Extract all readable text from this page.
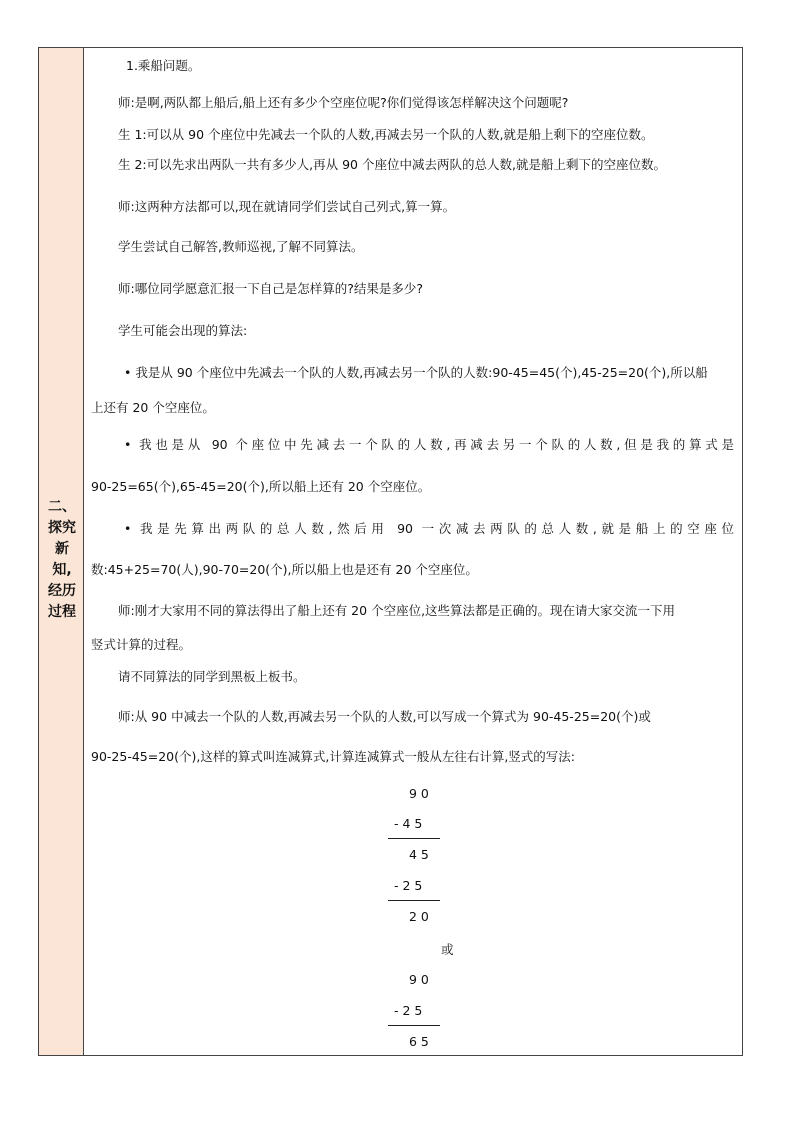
二、
探究
新
知,
经历
过程
1.乘船问题。
师:是啊,两队都上船后,船上还有多少个空座位呢?你们觉得该怎样解决这个问题呢?
生 1:可以从 90 个座位中先减去一个队的人数,再减去另一个队的人数,就是船上剩下的空座位数。
生 2:可以先求出两队一共有多少人,再从 90 个座位中减去两队的总人数,就是船上剩下的空座位数。
师:这两种方法都可以,现在就请同学们尝试自己列式,算一算。
学生尝试自己解答,教师巡视,了解不同算法。
师:哪位同学愿意汇报一下自己是怎样算的?结果是多少?
学生可能会出现的算法:
• 我是从 90 个座位中先减去一个队的人数,再减去另一个队的人数:90-45=45(个),45-25=20(个),所以船
上还有 20 个空座位。
• 我也是从 90 个座位中先减去一个队的人数,再减去另一个队的人数,但是我的算式是
90-25=65(个),65-45=20(个),所以船上还有 20 个空座位。
• 我是先算出两队的总人数,然后用 90 一次减去两队的总人数,就是船上的空座位
数:45+25=70(人),90-70=20(个),所以船上也是还有 20 个空座位。
师:刚才大家用不同的算法得出了船上还有 20 个空座位,这些算法都是正确的。现在请大家交流一下用
竖式计算的过程。
请不同算法的同学到黑板上板书。
师:从 90 中减去一个队的人数,再减去另一个队的人数,可以写成一个算式为 90-45-25=20(个)或
90-25-45=20(个),这样的算式叫连减算式,计算连减算式一般从左往右计算,竖式的写法:
9 0
- 4 5
4 5
- 2 5
2 0
或
9 0
- 2 5
6 5
